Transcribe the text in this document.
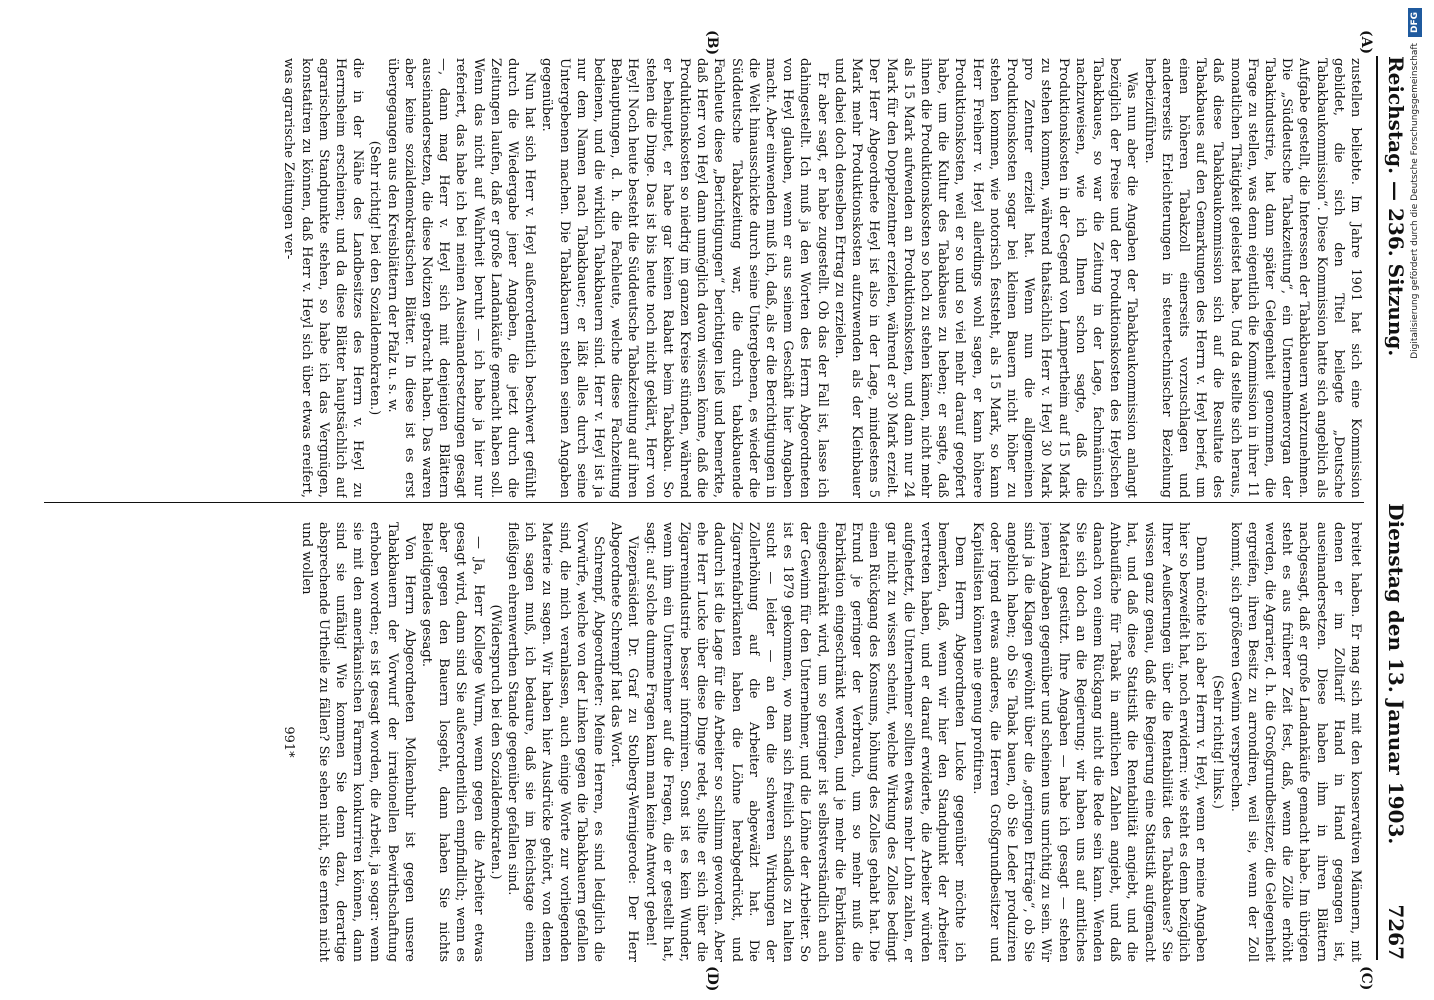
Reichstag. — 236. Sitzung.
Dienstag den 13. Januar 1903.
7267
(A)
(B)
(C)
(D)

zustellen beliebte. Im Jahre 1901 hat sich eine Kommission gebildet, die sich den Titel beilegte „Deutsche Tabakbaukommission“. Diese Kommission hatte sich angeblich als Aufgabe gestellt, die Interessen der Tabakbauern wahrzunehmen. Die „Süddeutsche Tabakzeitung“, ein Unternehmerorgan der Tabakindustrie, hat dann später Gelegenheit genommen, die Frage zu stellen, was denn eigentlich die Kommission in ihrer 11 monatlichen Thätigkeit geleistet habe. Und da stellte sich heraus, daß diese Tabakbaukommission sich auf die Resultate des Tabakbaues auf den Gemarkungen des Herrn v. Heyl berief, um einen höheren Tabakzoll einerseits vorzuschlagen und andererseits Erleichterungen in steuertechnischer Beziehung herbeizuführen.

Was nun aber die Angaben der Tabakbaukommission anlangt bezüglich der Preise und der Produktionskosten des Heylschen Tabakbaues, so war die Zeitung in der Lage, fachmännisch nachzuweisen, wie ich Ihnen schon sagte, daß die Produktionskosten in der Gegend von Lampertheim auf 15 Mark zu stehen kommen, während thatsächlich Herr v. Heyl 30 Mark pro Zentner erzielt hat. Wenn nun die allgemeinen Produktionskosten sogar bei kleinen Bauern nicht höher zu stehen kommen, wie notorisch feststeht, als 15 Mark, so kann Herr Freiherr v. Heyl allerdings wohl sagen, er kann höhere Produktionskosten, weil er so und so viel mehr darauf geopfert habe, um die Kultur des Tabakbaues zu heben; er sagte, daß ihnen die Produktionskosten so hoch zu stehen kämen, nicht mehr als 15 Mark aufwenden an Produktionskosten, und dann nur 24 Mark für den Doppelzentner erzielen, während er 30 Mark erzielt. Der Herr Abgeordnete Heyl ist also in der Lage, mindestens 5 Mark mehr Produktionskosten aufzuwenden als der Kleinbauer und dabei doch denselben Ertrag zu erzielen.

Er aber sagt, er habe zugestellt. Ob das der Fall ist, lasse ich dahingestellt. Ich muß ja den Worten des Herrn Abgeordneten von Heyl glauben, wenn er aus seinem Geschäft hier Angaben macht. Aber einwenden muß ich, daß, als er die Berichtigungen in die Welt hinausschickte durch seine Untergebenen, es wieder die Süddeutsche Tabakzeitung war, die durch tabakbauende Fachleute diese „Berichtigungen“ berichtigen ließ und bemerkte, daß Herr von Heyl dann unmöglich davon wissen könne, daß die Produktionskosten so niedrig im ganzen Kreise stünden, während er behauptet, er habe gar keinen Rabatt beim Tabakbau. So stehen die Dinge. Das ist bis heute noch nicht geklärt, Herr von Heyl! Noch heute besteht die Süddeutsche Tabakzeitung auf ihren Behauptungen, d. h. die Fachleute, welche diese Fachzeitung bedienen, und die wirklich Tabakbauern sind. Herr v. Heyl ist ja nur dem Namen nach Tabakbauer; er läßt alles durch seine Untergebenen machen. Die Tabakbauern stehen seinen Angaben gegenüber.

Nun hat sich Herr v. Heyl außerordentlich beschwert gefühlt durch die Wiedergabe jener Angaben, die jetzt durch die Zeitungen laufen, daß er große Landankäufe gemacht haben soll. Wenn das nicht auf Wahrheit beruht — ich habe ja hier nur referiert, das habe ich bei meinen Auseinandersetzungen gesagt —, dann mag Herr v. Heyl sich mit denjenigen Blättern auseinandersetzen, die diese Notizen gebracht haben. Das waren aber keine sozialdemokratischen Blätter. In diese ist es erst übergegangen aus den Kreisblättern der Pfalz u. s. w.

(Sehr richtig! bei den Sozialdemokraten.)

die in der Nähe des Landbesitzes des Herrn v. Heyl zu Herrnsheim erscheinen; und da diese Blätter hauptsächlich auf agrarischem Standpunkte stehen, so habe ich das Vergnügen, konstatiren zu können, daß Herr v. Heyl sich über etwas ereifert, was agrarische Zeitungen ver-

breitet haben. Er mag sich mit den konservativen Männern, mit denen er im Zolltarif Hand in Hand gegangen ist, auseinandersetzen. Diese haben ihm in ihren Blättern nachgesagt, daß er große Landankäufe gemacht habe. Im übrigen steht es aus früherer Zeit fest, daß, wenn die Zölle erhöht werden, die Agrarier, d. h. die Großgrundbesitzer, die Gelegenheit ergreifen, ihren Besitz zu arrondiren, weil sie, wenn der Zoll kommt, sich größeren Gewinn versprechen.

(Sehr richtig! links.)

Dann möchte ich aber Herrn v. Heyl, wenn er meine Angaben hier so bezweifelt hat, noch erwidern: wie steht es denn bezüglich Ihrer Aeußerungen über die Rentabilität des Tabakbaues? Sie wissen ganz genau, daß die Regierung eine Statistik aufgemacht hat, und daß diese Statistik die Rentabilität angiebt, und die Anbaufläche für Tabak in amtlichen Zahlen angiebt, und daß danach von einem Rückgang nicht die Rede sein kann. Wenden Sie sich doch an die Regierung; wir haben uns auf amtliches Material gestützt. Ihre Angaben — habe ich gesagt — stehen jenen Angaben gegenüber und scheinen uns unrichtig zu sein. Wir sind ja die Klagen gewöhnt über die „geringen Erträge“, ob Sie angeblich haben; ob Sie Tabak bauen, ob Sie Leder produziren oder irgend etwas anderes, die Herren Großgrundbesitzer und Kapitalisten können nie genug profitiren.

Dem Herrn Abgeordneten Lucke gegenüber möchte ich bemerken, daß, wenn wir hier den Standpunkt der Arbeiter vertreten haben, und er darauf erwiderte, die Arbeiter würden aufgehetzt, die Unternehmer sollten etwas mehr Lohn zahlen, er gar nicht zu wissen scheint, welche Wirkung des Zolles bedingt einen Rückgang des Konsums, höhung des Zolles gehabt hat. Die Erund je geringer der Verbrauch, um so mehr muß die Fabrikation eingeschränkt werden, und je mehr die Fabrikation eingeschränkt wird, um so geringer ist selbstverständlich auch der Gewinn für den Unternehmer, und die Löhne der Arbeiter. So ist es 1879 gekommen, wo man sich freilich schadlos zu halten sucht — leider — an den die schweren Wirkungen der Zollerhöhung auf die Arbeiter abgewälzt hat. Die Zigarrenfabrikanten haben die Löhne herabgedrückt, und dadurch ist die Lage für die Arbeiter so schlimm geworden. Aber ehe Herr Lucke über diese Dinge redet, sollte er sich über die Zigarrenindustrie besser informiren. Sonst ist es kein Wunder, wenn ihm ein Unternehmer auf die Fragen, die er gestellt hat, sagt: auf solche dumme Fragen kann man keine Antwort geben!

Vizepräsident Dr. Graf zu Stolberg-Wernigerode: Der Herr Abgeordnete Schrempf hat das Wort.

Schrempf, Abgeordneter: Meine Herren, es sind lediglich die Vorwürfe, welche von der Linken gegen die Tabakbauern gefallen sind, die mich veranlassen, auch einige Worte zur vorliegenden Materie zu sagen. Wir haben hier Ausdrücke gehört, von denen ich sagen muß, ich bedaure, daß sie im Reichstage einem fleißigen ehrenwerthen Stande gegenüber gefallen sind.

(Widerspruch bei den Sozialdemokraten.)

— Ja, Herr Kollege Wurm, wenn gegen die Arbeiter etwas gesagt wird, dann sind Sie außerordentlich empfindlich; wenn es aber gegen den Bauern losgeht, dann haben Sie nichts Beleidigendes gesagt.

Von Herrn Abgeordneten Molkenbuhr ist gegen unsere Tabakbauern der Vorwurf der irrationellen Bewirthschaftung erhoben worden; es ist gesagt worden, die Arbeit, ja sogar: wenn sie mit den amerikanischen Farmern konkurriren können, dann sind sie unfähig! Wie kommen Sie denn dazu, derartige absprechende Urtheile zu fällen? Sie sehen nicht, Sie ernten nicht und wollen

991*

Digitalisierung gefördert durch die Deutsche Forschungsgemeinschaft
DFG
